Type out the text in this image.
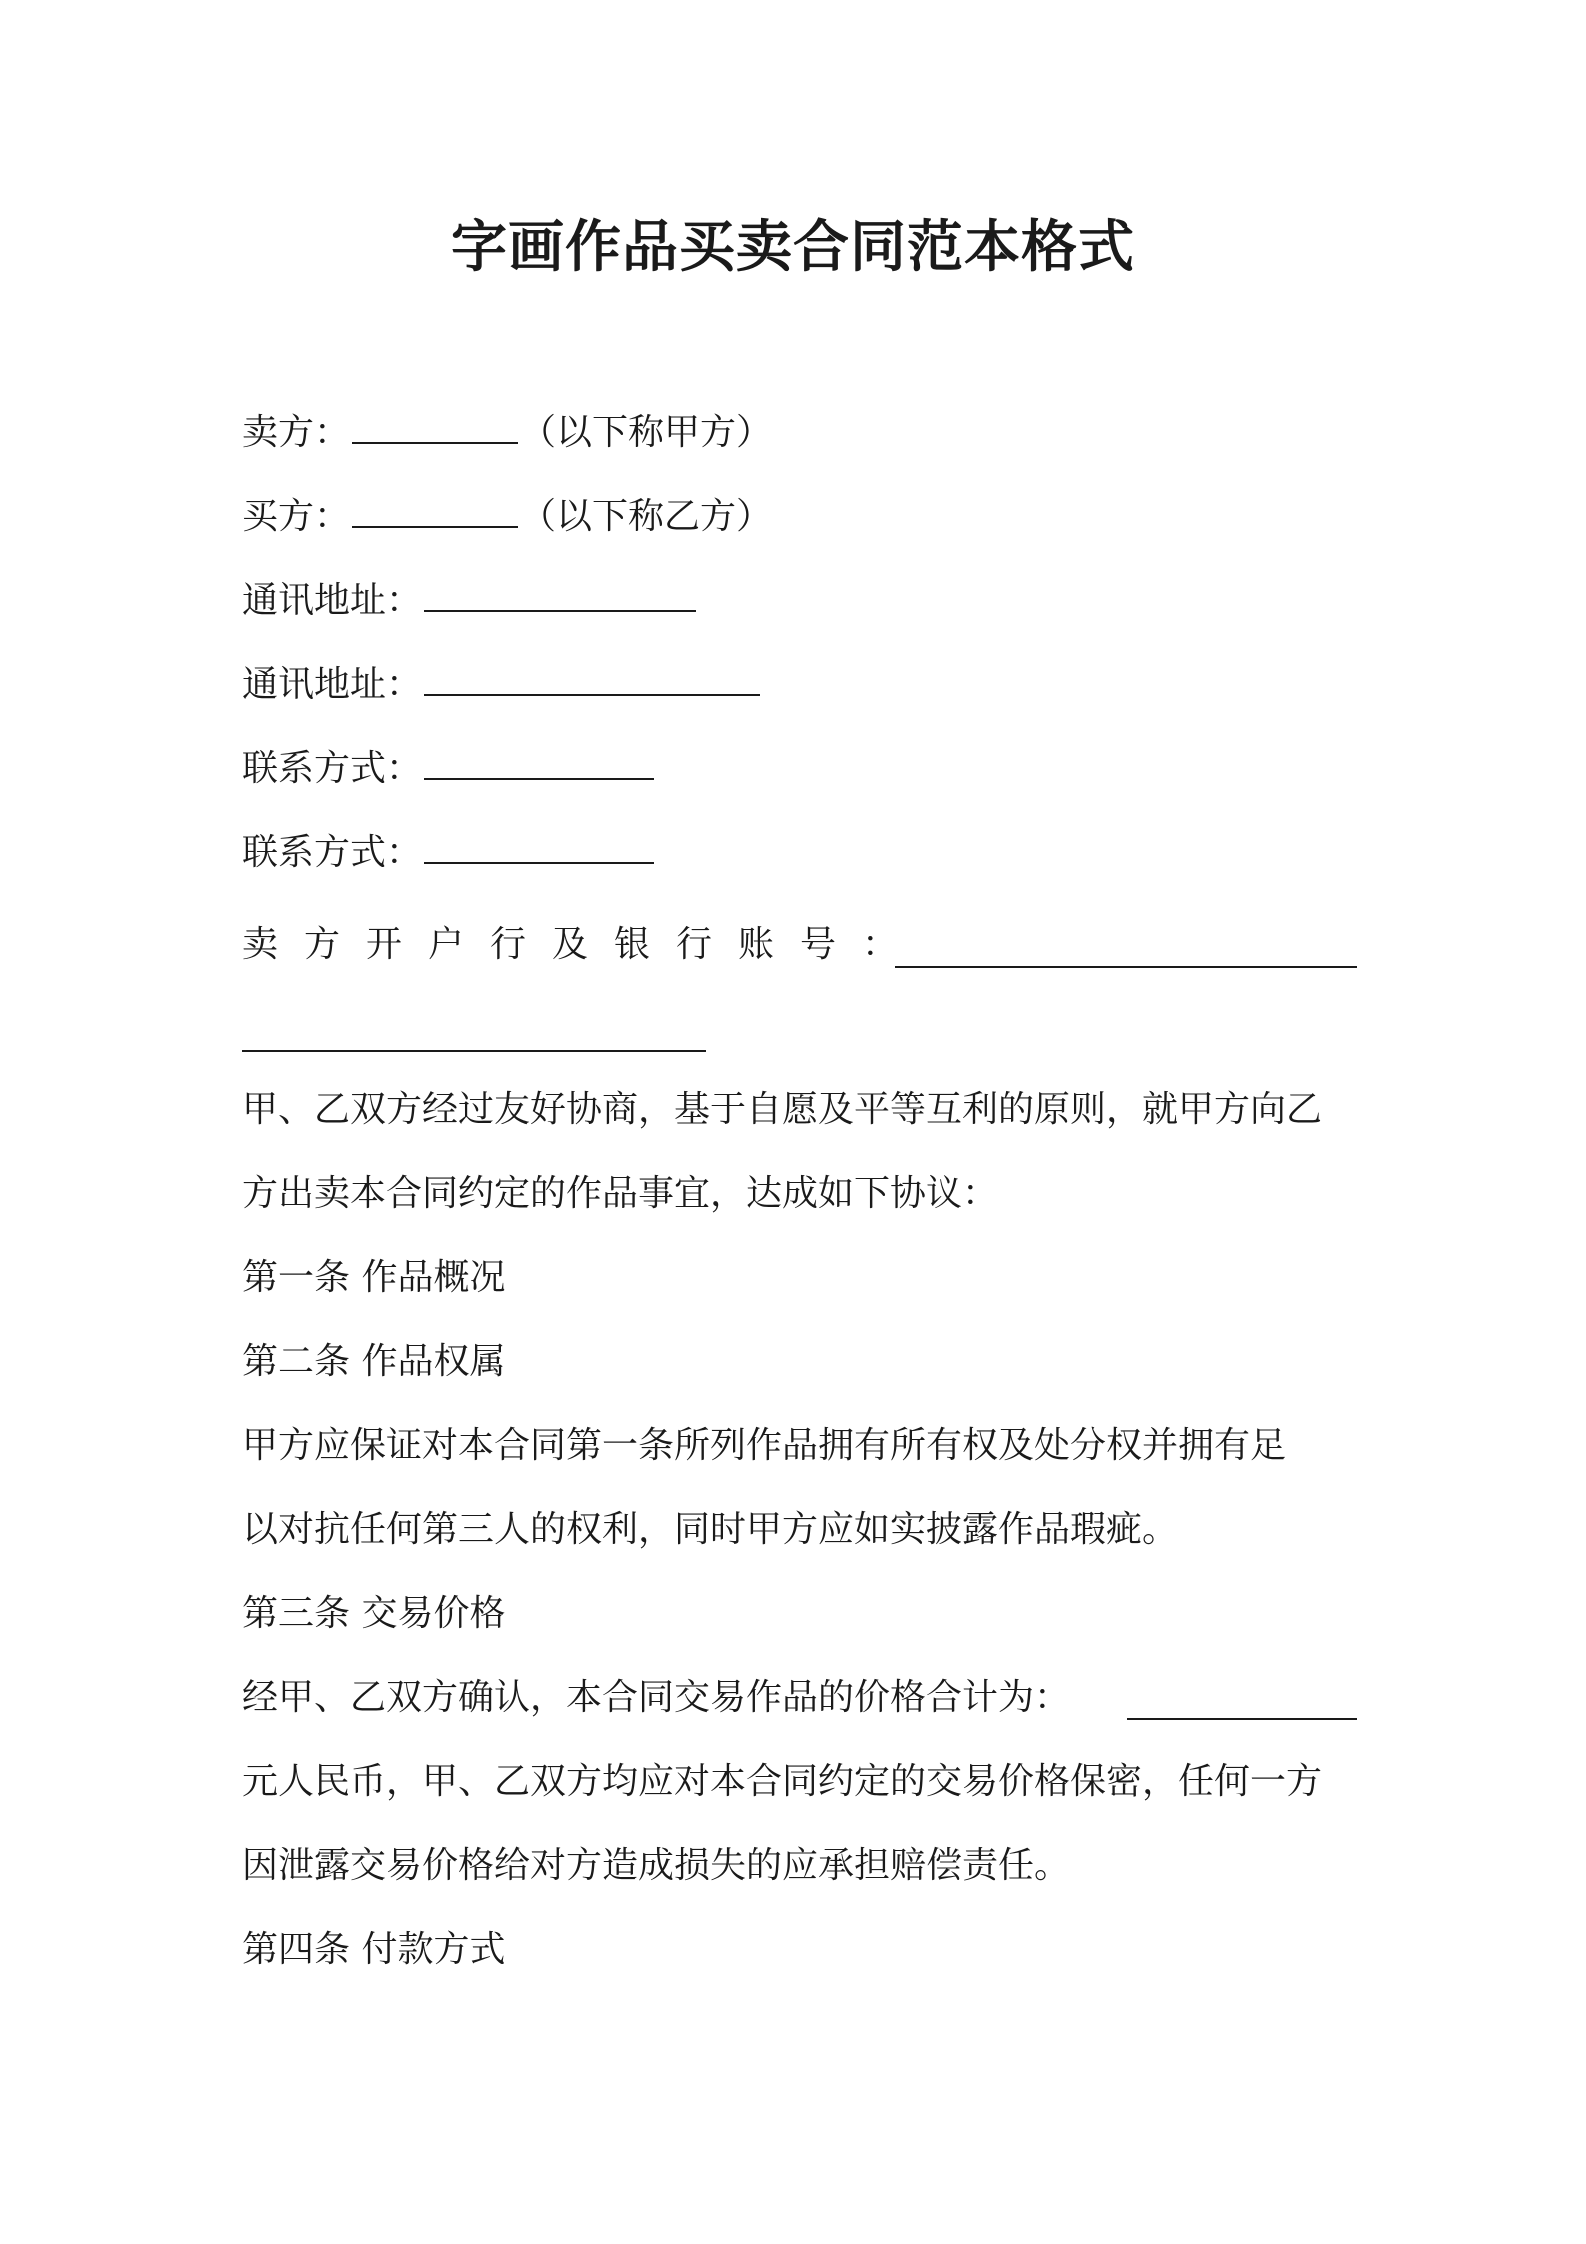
字画作品买卖合同范本格式
卖方：	（以下称甲方）
买方：	（以下称乙方）
通讯地址：
通讯地址：
联系方式：
联系方式：
卖方开户行及银行账号：
甲、乙双方经过友好协商，基于自愿及平等互利的原则，就甲方向乙
方出卖本合同约定的作品事宜，达成如下协议：
第一条 作品概况
第二条 作品权属
甲方应保证对本合同第一条所列作品拥有所有权及处分权并拥有足
以对抗任何第三人的权利，同时甲方应如实披露作品瑕疵。
第三条 交易价格
经甲、乙双方确认，本合同交易作品的价格合计为：
元人民币，甲、乙双方均应对本合同约定的交易价格保密，任何一方
因泄露交易价格给对方造成损失的应承担赔偿责任。
第四条 付款方式
